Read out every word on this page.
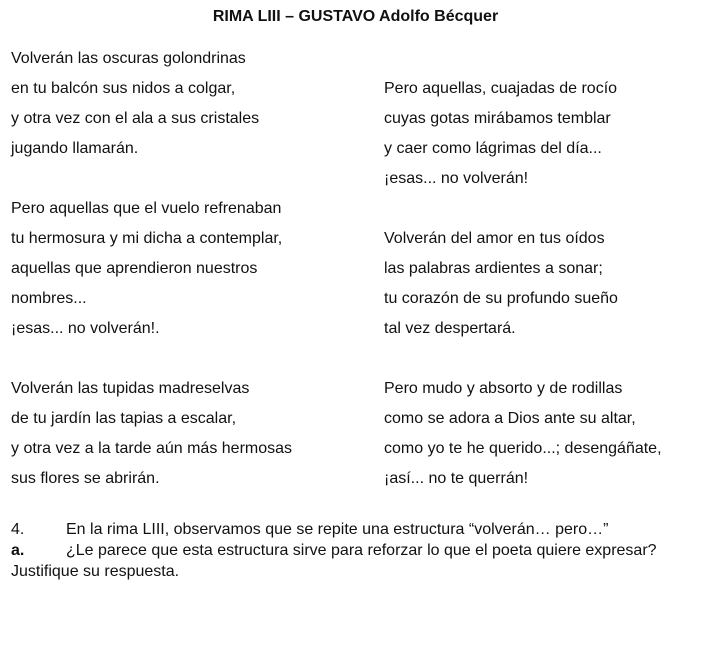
RIMA LIII – GUSTAVO Adolfo Bécquer
Volverán las oscuras golondrinas
en tu balcón sus nidos a colgar,
y otra vez con el ala a sus cristales
jugando llamarán.
Pero aquellas que el vuelo refrenaban
tu hermosura y mi dicha a contemplar,
aquellas que aprendieron nuestros
nombres...
¡esas... no volverán!.
Volverán las tupidas madreselvas
de tu jardín las tapias a escalar,
y otra vez a la tarde aún más hermosas
sus flores se abrirán.
Pero aquellas, cuajadas de rocío
cuyas gotas mirábamos temblar
y caer como lágrimas del día...
¡esas... no volverán!
Volverán del amor en tus oídos
las palabras ardientes a sonar;
tu corazón de su profundo sueño
tal vez despertará.
Pero mudo y absorto y de rodillas
como se adora a Dios ante su altar,
como yo te he querido...; desengáñate,
¡así... no te querrán!
4.	En la rima LIII, observamos que se repite una estructura “volverán… pero…”
a.	¿Le parece que esta estructura sirve para reforzar lo que el poeta quiere expresar?
Justifique su respuesta.
